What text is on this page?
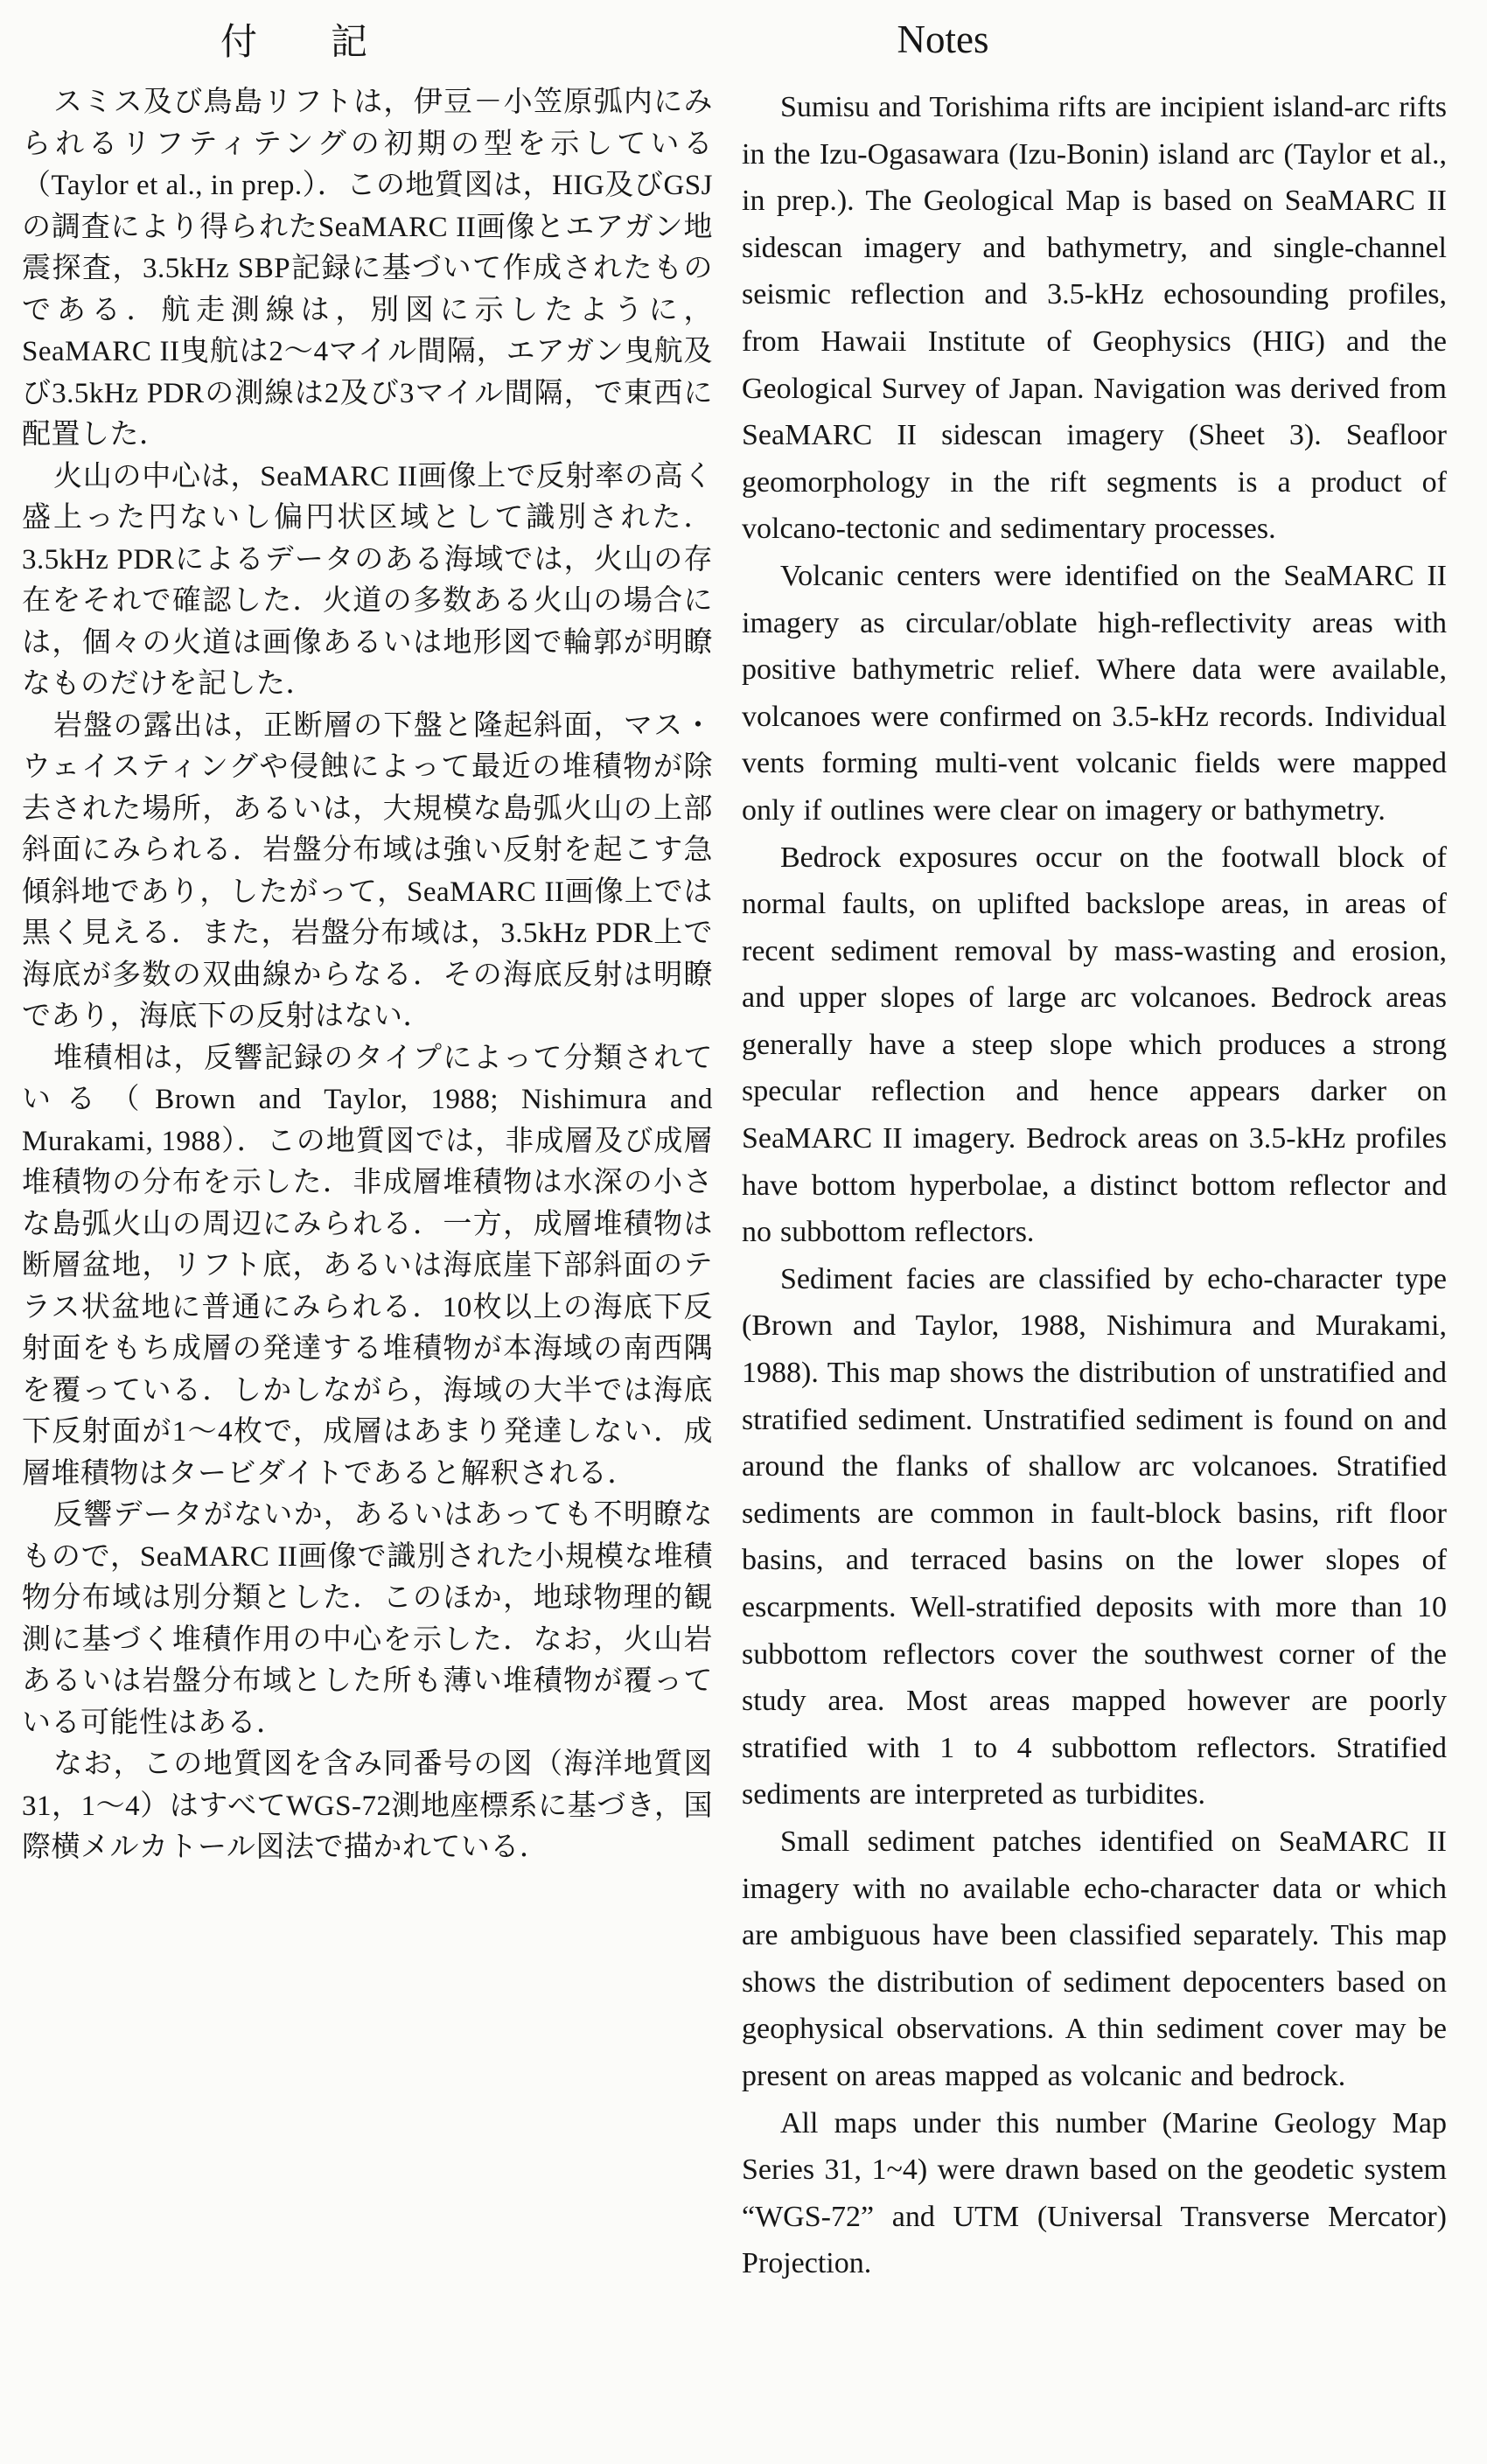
付 記

スミス及び鳥島リフトは，伊豆－小笠原弧内にみられるリフティテングの初期の型を示している（Taylor et al., in prep.）．この地質図は，HIG及びGSJの調査により得られたSeaMARC II画像とエアガン地震探査，3.5kHz SBP記録に基づいて作成されたものである．航走測線は，別図に示したように，SeaMARC II曳航は2～4マイル間隔，エアガン曳航及び3.5kHz PDRの測線は2及び3マイル間隔，で東西に配置した．

火山の中心は，SeaMARC II画像上で反射率の高く盛上った円ないし偏円状区域として識別された．3.5kHz PDRによるデータのある海域では，火山の存在をそれで確認した．火道の多数ある火山の場合には，個々の火道は画像あるいは地形図で輪郭が明瞭なものだけを記した．

岩盤の露出は，正断層の下盤と隆起斜面，マス・ウェイスティングや侵蝕によって最近の堆積物が除去された場所，あるいは，大規模な島弧火山の上部斜面にみられる．岩盤分布域は強い反射を起こす急傾斜地であり，したがって，SeaMARC II画像上では黒く見える．また，岩盤分布域は，3.5kHz PDR上で海底が多数の双曲線からなる．その海底反射は明瞭であり，海底下の反射はない．

堆積相は，反響記録のタイプによって分類されている（Brown and Taylor, 1988; Nishimura and Murakami, 1988）．この地質図では，非成層及び成層堆積物の分布を示した．非成層堆積物は水深の小さな島弧火山の周辺にみられる．一方，成層堆積物は断層盆地，リフト底，あるいは海底崖下部斜面のテラス状盆地に普通にみられる．10枚以上の海底下反射面をもち成層の発達する堆積物が本海域の南西隅を覆っている．しかしながら，海域の大半では海底下反射面が1～4枚で，成層はあまり発達しない．成層堆積物はタービダイトであると解釈される．

反響データがないか，あるいはあっても不明瞭なもので，SeaMARC II画像で識別された小規模な堆積物分布域は別分類とした．このほか，地球物理的観測に基づく堆積作用の中心を示した．なお，火山岩あるいは岩盤分布域とした所も薄い堆積物が覆っている可能性はある．

なお，この地質図を含み同番号の図（海洋地質図31，1～4）はすべてWGS-72測地座標系に基づき，国際横メルカトール図法で描かれている．

Notes

Sumisu and Torishima rifts are incipient island-arc rifts in the Izu-Ogasawara (Izu-Bonin) island arc (Taylor et al., in prep.). The Geological Map is based on SeaMARC II sidescan imagery and bathymetry, and single-channel seismic reflection and 3.5-kHz echosounding profiles, from Hawaii Institute of Geophysics (HIG) and the Geological Survey of Japan. Navigation was derived from SeaMARC II sidescan imagery (Sheet 3). Seafloor geomorphology in the rift segments is a product of volcano-tectonic and sedimentary processes.

Volcanic centers were identified on the SeaMARC II imagery as circular/oblate high-reflectivity areas with positive bathymetric relief. Where data were available, volcanoes were confirmed on 3.5-kHz records. Individual vents forming multi-vent volcanic fields were mapped only if outlines were clear on imagery or bathymetry.

Bedrock exposures occur on the footwall block of normal faults, on uplifted backslope areas, in areas of recent sediment removal by mass-wasting and erosion, and upper slopes of large arc volcanoes. Bedrock areas generally have a steep slope which produces a strong specular reflection and hence appears darker on SeaMARC II imagery. Bedrock areas on 3.5-kHz profiles have bottom hyperbolae, a distinct bottom reflector and no subbottom reflectors.

Sediment facies are classified by echo-character type (Brown and Taylor, 1988, Nishimura and Murakami, 1988). This map shows the distribution of unstratified and stratified sediment. Unstratified sediment is found on and around the flanks of shallow arc volcanoes. Stratified sediments are common in fault-block basins, rift floor basins, and terraced basins on the lower slopes of escarpments. Well-stratified deposits with more than 10 subbottom reflectors cover the southwest corner of the study area. Most areas mapped however are poorly stratified with 1 to 4 subbottom reflectors. Stratified sediments are interpreted as turbidites.

Small sediment patches identified on SeaMARC II imagery with no available echo-character data or which are ambiguous have been classified separately. This map shows the distribution of sediment depocenters based on geophysical observations. A thin sediment cover may be present on areas mapped as volcanic and bedrock.

All maps under this number (Marine Geology Map Series 31, 1~4) were drawn based on the geodetic system “WGS-72” and UTM (Universal Transverse Mercator) Projection.
